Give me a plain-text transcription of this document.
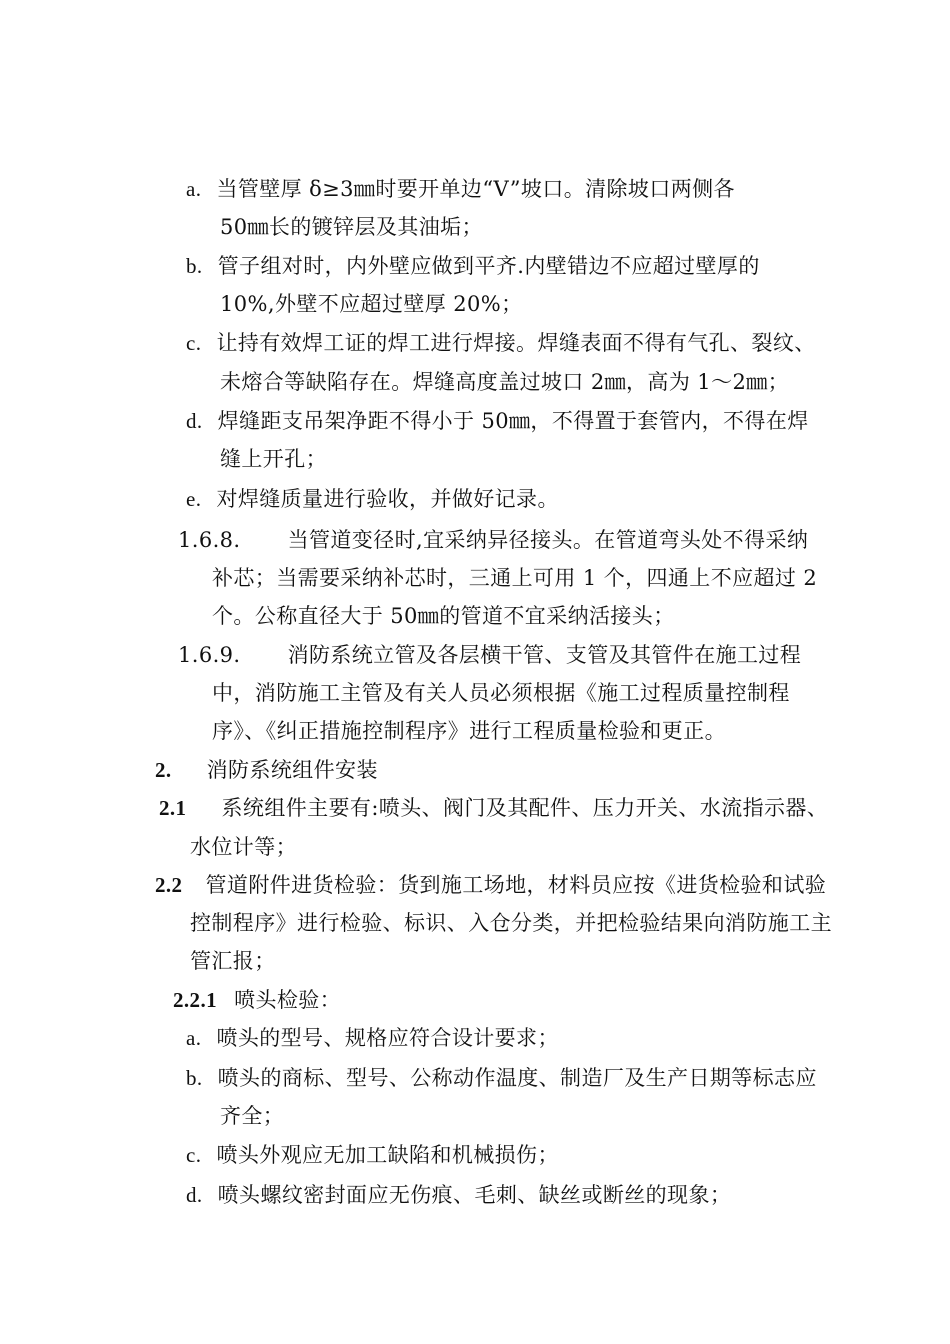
a. 当管壁厚 δ≥3㎜时要开单边“V”坡口。清除坡口两侧各
50㎜长的镀锌层及其油垢；
b. 管子组对时，内外壁应做到平齐.内壁错边不应超过壁厚的
10%,外壁不应超过壁厚 20%；
c. 让持有效焊工证的焊工进行焊接。焊缝表面不得有气孔、裂纹、
未熔合等缺陷存在。焊缝高度盖过坡口 2㎜，高为 1～2㎜；
d. 焊缝距支吊架净距不得小于 50㎜，不得置于套管内，不得在焊
缝上开孔；
e. 对焊缝质量进行验收，并做好记录。
1.6.8. 当管道变径时,宜采纳异径接头。在管道弯头处不得采纳
补芯；当需要采纳补芯时，三通上可用 1 个，四通上不应超过 2
个。公称直径大于 50㎜的管道不宜采纳活接头；
1.6.9. 消防系统立管及各层横干管、支管及其管件在施工过程
中，消防施工主管及有关人员必须根据《施工过程质量控制程
序》、《纠正措施控制程序》进行工程质量检验和更正。
2. 消防系统组件安装
2.1 系统组件主要有:喷头、阀门及其配件、压力开关、水流指示器、
水位计等；
2.2 管道附件进货检验：货到施工场地，材料员应按《进货检验和试验
控制程序》进行检验、标识、入仓分类，并把检验结果向消防施工主
管汇报；
2.2.1 喷头检验：
a. 喷头的型号、规格应符合设计要求；
b. 喷头的商标、型号、公称动作温度、制造厂及生产日期等标志应
齐全；
c. 喷头外观应无加工缺陷和机械损伤；
d. 喷头螺纹密封面应无伤痕、毛刺、缺丝或断丝的现象；
